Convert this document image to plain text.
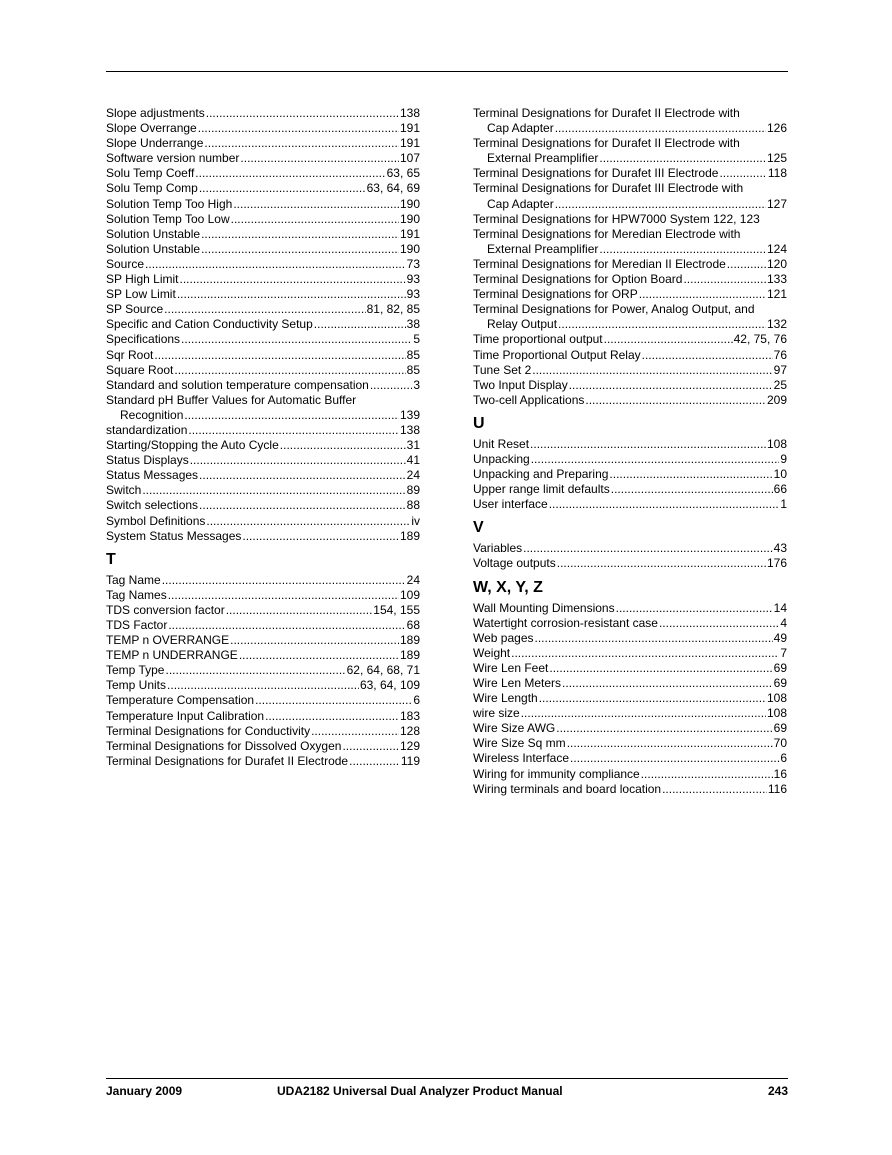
Slope adjustments .....	138
Slope Overrange .....	191
Slope Underrange .....	191
Software version number .....	107
Solu Temp Coeff .....	63, 65
Solu Temp Comp .....	63, 64, 69
Solution Temp Too High .....	190
Solution Temp Too Low .....	190
Solution Unstable .....	191
Solution Unstable .....	190
Source .....	73
SP High Limit .....	93
SP Low Limit .....	93
SP Source .....	81, 82, 85
Specific and Cation Conductivity Setup .....	38
Specifications .....	5
Sqr Root .....	85
Square Root .....	85
Standard and solution temperature compensation .....	3
Standard pH Buffer Values for Automatic Buffer
Recognition .....	139
standardization .....	138
Starting/Stopping the Auto Cycle .....	31
Status Displays .....	41
Status Messages .....	24
Switch .....	89
Switch selections .....	88
Symbol Definitions .....	iv
System Status Messages .....	189
T
Tag Name .....	24
Tag Names .....	109
TDS conversion factor .....	154, 155
TDS Factor .....	68
TEMP n OVERRANGE .....	189
TEMP n UNDERRANGE .....	189
Temp Type .....	62, 64, 68, 71
Temp Units .....	63, 64, 109
Temperature Compensation .....	6
Temperature Input Calibration .....	183
Terminal Designations for Conductivity .....	128
Terminal Designations for Dissolved Oxygen .....	129
Terminal Designations for Durafet II Electrode .....	119
Terminal Designations for Durafet II Electrode with
Cap Adapter .....	126
Terminal Designations for Durafet II Electrode with
External Preamplifier .....	125
Terminal Designations for Durafet III Electrode .....	118
Terminal Designations for Durafet III Electrode with
Cap Adapter .....	127
Terminal Designations for HPW7000 System 122, 123
Terminal Designations for Meredian Electrode with
External Preamplifier .....	124
Terminal Designations for Meredian II Electrode .....	120
Terminal Designations for Option Board .....	133
Terminal Designations for ORP .....	121
Terminal Designations for Power, Analog Output, and
Relay Output .....	132
Time proportional output .....	42, 75, 76
Time Proportional Output Relay .....	76
Tune Set 2 .....	97
Two Input Display .....	25
Two-cell Applications .....	209
U
Unit Reset .....	108
Unpacking .....	9
Unpacking and Preparing .....	10
Upper range limit defaults .....	66
User interface .....	1
V
Variables .....	43
Voltage outputs .....	176
W, X, Y, Z
Wall Mounting Dimensions .....	14
Watertight corrosion-resistant case .....	4
Web pages .....	49
Weight .....	7
Wire Len Feet .....	69
Wire Len Meters .....	69
Wire Length .....	108
wire size .....	108
Wire Size AWG .....	69
Wire Size Sq mm .....	70
Wireless Interface .....	6
Wiring for immunity compliance .....	16
Wiring terminals and board location .....	116
January 2009	UDA2182 Universal Dual Analyzer Product Manual	243
